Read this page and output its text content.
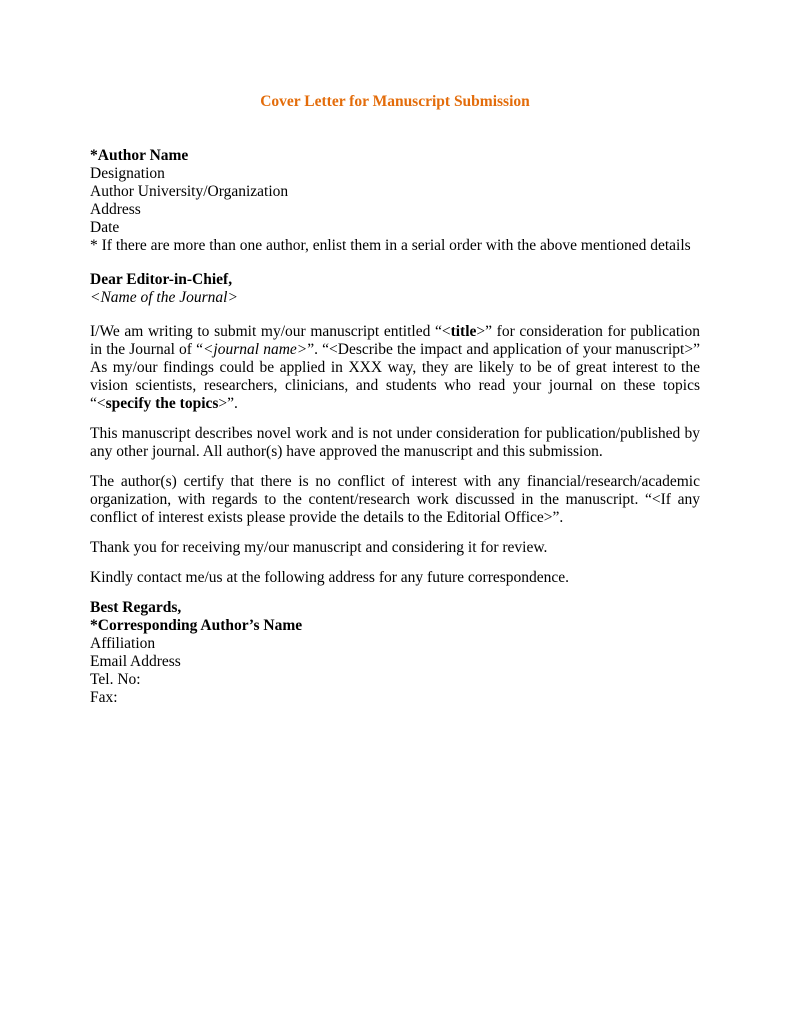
Cover Letter for Manuscript Submission

*Author Name

Designation

Author University/Organization

Address

Date

* If there are more than one author, enlist them in a serial order with the above mentioned details

Dear Editor-in-Chief,

<Name of the Journal>

I/We am writing to submit my/our manuscript entitled “<title>” for consideration for publication in the Journal of “<journal name>”. “<Describe the impact and application of your manuscript>” As my/our findings could be applied in XXX way, they are likely to be of great interest to the vision scientists, researchers, clinicians, and students who read your journal on these topics “<specify the topics>”.

This manuscript describes novel work and is not under consideration for publication/published by any other journal. All author(s) have approved the manuscript and this submission.

The author(s) certify that there is no conflict of interest with any financial/research/academic organization, with regards to the content/research work discussed in the manuscript. “<If any conflict of interest exists please provide the details to the Editorial Office>”.

Thank you for receiving my/our manuscript and considering it for review.

Kindly contact me/us at the following address for any future correspondence.

Best Regards,

*Corresponding Author’s Name

Affiliation

Email Address

Tel. No:

Fax:
